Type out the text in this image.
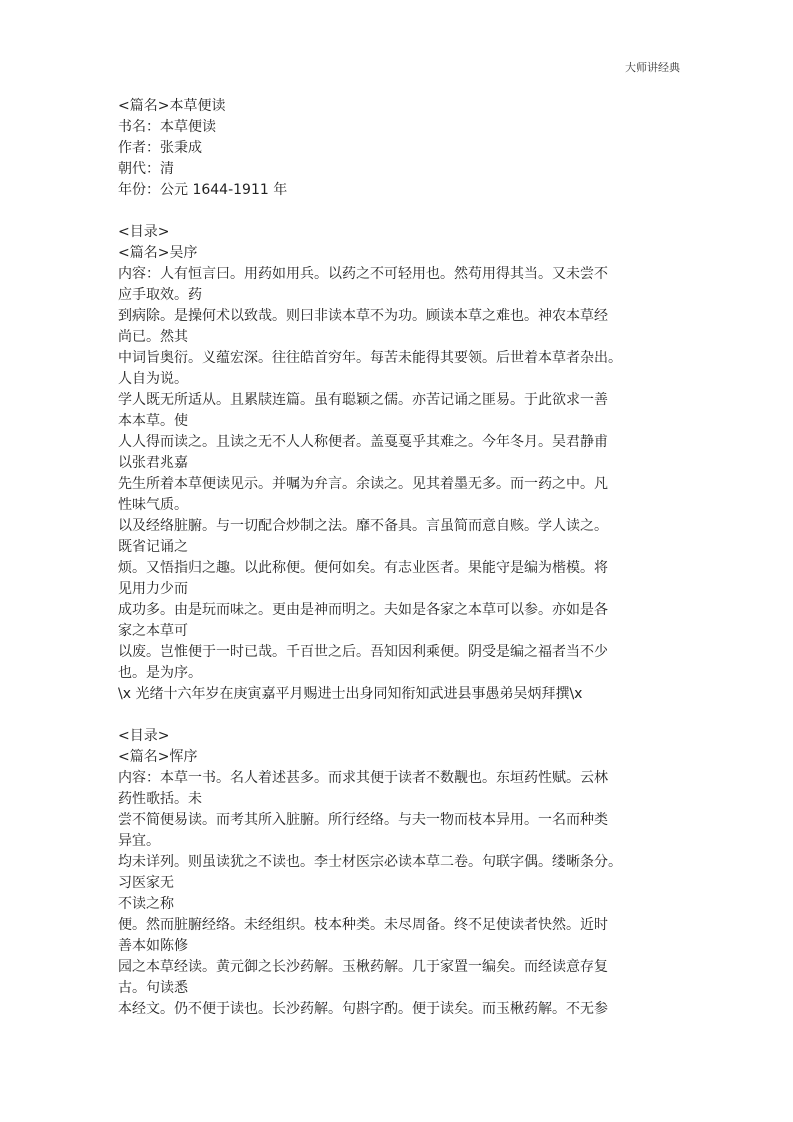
大师讲经典
<篇名>本草便读
书名：本草便读
作者：张秉成
朝代：清
年份：公元 1644-1911 年
<目录>
<篇名>吴序
内容：人有恒言曰。用药如用兵。以药之不可轻用也。然苟用得其当。又未尝不
应手取效。药
到病除。是操何术以致哉。则曰非读本草不为功。顾读本草之难也。神农本草经
尚已。然其
中词旨奥衍。义蕴宏深。往往皓首穷年。每苦未能得其要领。后世着本草者杂出。
人自为说。
学人既无所适从。且累牍连篇。虽有聪颖之儒。亦苦记诵之匪易。于此欲求一善
本本草。使
人人得而读之。且读之无不人人称便者。盖戛戛乎其难之。今年冬月。吴君静甫
以张君兆嘉
先生所着本草便读见示。并嘱为弁言。余读之。见其着墨无多。而一药之中。凡
性味气质。
以及经络脏腑。与一切配合炒制之法。靡不备具。言虽简而意自赅。学人读之。
既省记诵之
烦。又悟指归之趣。以此称便。便何如矣。有志业医者。果能守是编为楷模。将
见用力少而
成功多。由是玩而味之。更由是神而明之。夫如是各家之本草可以参。亦如是各
家之本草可
以废。岂惟便于一时已哉。千百世之后。吾知因利乘便。阴受是编之福者当不少
也。是为序。
\x 光绪十六年岁在庚寅嘉平月赐进士出身同知衔知武进县事愚弟吴炳拜撰\x
<目录>
<篇名>恽序
内容：本草一书。名人着述甚多。而求其便于读者不数觏也。东垣药性赋。云林
药性歌括。未
尝不简便易读。而考其所入脏腑。所行经络。与夫一物而枝本异用。一名而种类
异宜。
均未详列。则虽读犹之不读也。李士材医宗必读本草二卷。句联字偶。缕晰条分。
习医家无
不读之称
便。然而脏腑经络。未经组织。枝本种类。未尽周备。终不足使读者快然。近时
善本如陈修
园之本草经读。黄元御之长沙药解。玉楸药解。几于家置一编矣。而经读意存复
古。句读悉
本经文。仍不便于读也。长沙药解。句斟字酌。便于读矣。而玉楸药解。不无参
